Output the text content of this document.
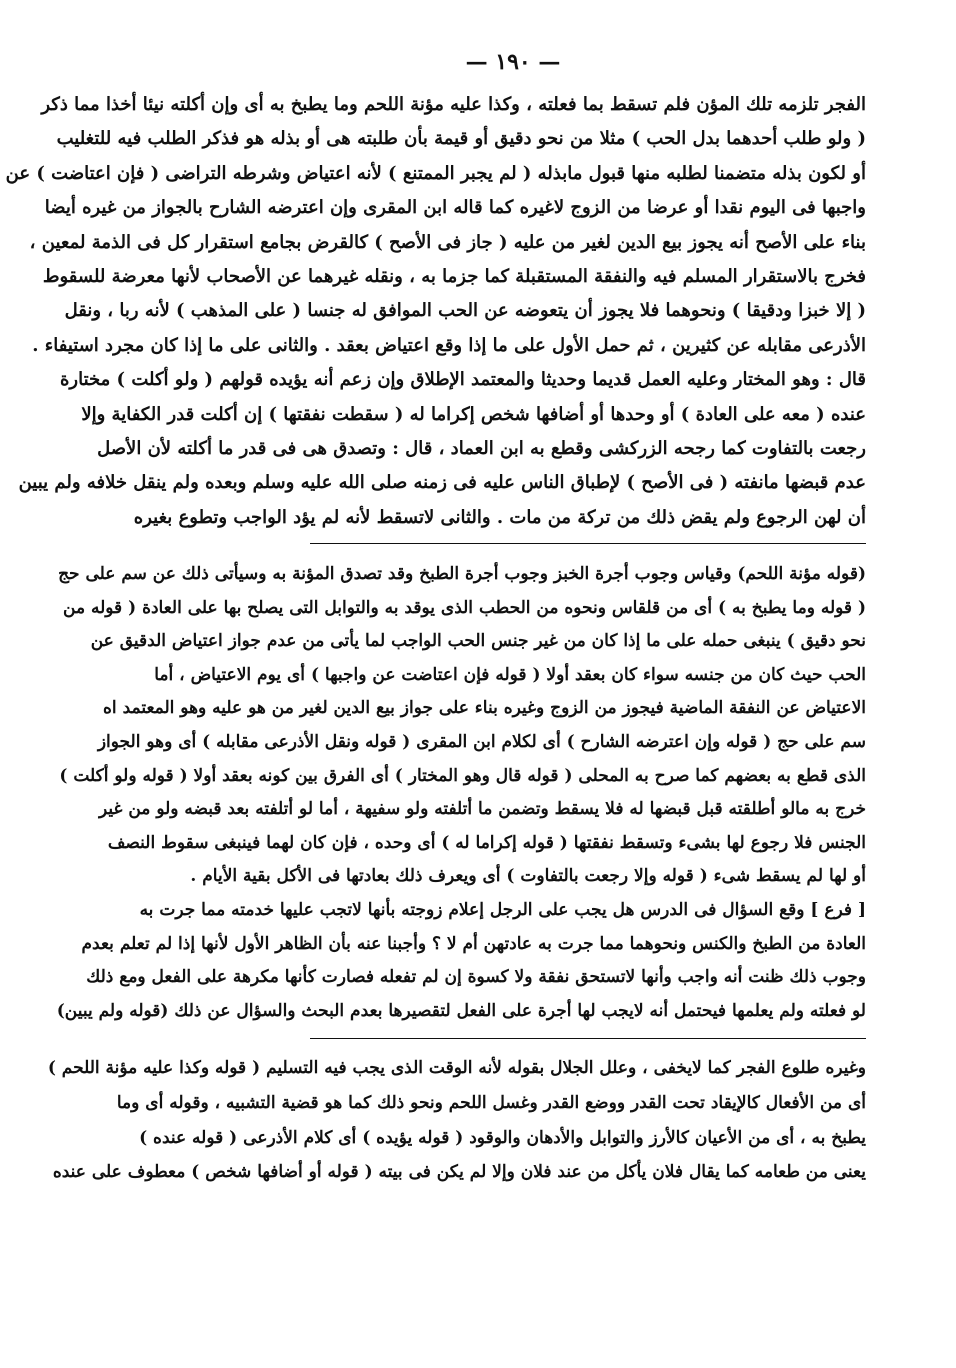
— ١٩٠ —

الفجر تلزمه تلك المؤن فلم تسقط بما فعلته ، وكذا عليه مؤنة اللحم وما يطبخ به أى وإن أكلته نيئا أخذا مما ذكر

( ولو طلب أحدهما بدل الحب ) مثلا من نحو دقيق أو قيمة بأن طلبته هى أو بذله هو فذكر الطلب فيه للتغليب

أو لكون بذله متضمنا لطلبه منها قبول مابذله ( لم يجبر الممتنع ) لأنه اعتياض وشرطه التراضى ( فإن اعتاضت ) عن

واجبها فى اليوم نقدا أو عرضا من الزوج لاغيره كما قاله ابن المقرى وإن اعترضه الشارح بالجواز من غيره أيضا

بناء على الأصح أنه يجوز بيع الدين لغير من عليه ( جاز فى الأصح ) كالقرض بجامع استقرار كل فى الذمة لمعين ،

فخرج بالاستقرار المسلم فيه والنفقة المستقبلة كما جزما به ، ونقله غيرهما عن الأصحاب لأنها معرضة للسقوط

( إلا خبزا ودقيقا ) ونحوهما فلا يجوز أن يتعوضه عن الحب الموافق له جنسا ( على المذهب ) لأنه ربا ، ونقل

الأذرعى مقابله عن كثيرين ، ثم حمل الأول على ما إذا وقع اعتياض بعقد . والثانى على ما إذا كان مجرد استيفاء .

قال : وهو المختار وعليه العمل قديما وحديثا والمعتمد الإطلاق وإن زعم أنه يؤيده قولهم ( ولو أكلت ) مختارة

عنده ( معه على العادة ) أو وحدها أو أضافها شخص إكراما له ( سقطت نفقتها ) إن أكلت قدر الكفاية وإلا

رجعت بالتفاوت كما رجحه الزركشى وقطع به ابن العماد ، قال : وتصدق هى فى قدر ما أكلته لأن الأصل

عدم قبضها مانفته ( فى الأصح ) لإطباق الناس عليه فى زمنه صلى الله عليه وسلم وبعده ولم ينقل خلافه ولم يبين

أن لهن الرجوع ولم يقض ذلك من تركة من مات . والثانى لاتسقط لأنه لم يؤد الواجب وتطوع بغيره

(قوله مؤنة اللحم) وقياس وجوب أجرة الخبز وجوب أجرة الطبخ وقد تصدق المؤنة به وسيأتى ذلك عن سم على حج

( قوله وما يطبخ به ) أى من قلقاس ونحوه من الحطب الذى يوقد به والتوابل التى يصلح بها على العادة ( قوله من

نحو دقيق ) ينبغى حمله على ما إذا كان من غير جنس الحب الواجب لما يأتى من عدم جواز اعتياض الدقيق عن

الحب حيث كان من جنسه سواء كان بعقد أولا ( قوله فإن اعتاضت عن واجبها ) أى يوم الاعتياض ، أما

الاعتياض عن النفقة الماضية فيجوز من الزوج وغيره بناء على جواز بيع الدين لغير من هو عليه وهو المعتمد اه

سم على حج ( قوله وإن اعترضه الشارح ) أى لكلام ابن المقرى ( قوله ونقل الأذرعى مقابله ) أى وهو الجواز

الذى قطع به بعضهم كما صرح به المحلى ( قوله قال وهو المختار ) أى الفرق بين كونه بعقد أولا ( قوله ولو أكلت )

خرج به مالو أطلقته قبل قبضها له فلا يسقط وتضمن ما أتلفته ولو سفيهة ، أما لو أتلفته بعد قبضه ولو من غير

الجنس فلا رجوع لها بشىء وتسقط نفقتها ( قوله إكراما له ) أى وحده ، فإن كان لهما فينبغى سقوط النصف

أو لها لم يسقط شىء ( قوله وإلا رجعت بالتفاوت ) أى ويعرف ذلك بعادتها فى الأكل بقية الأيام .

[ فرع ] وقع السؤال فى الدرس هل يجب على الرجل إعلام زوجته بأنها لاتجب عليها خدمته مما جرت به

العادة من الطبخ والكنس ونحوهما مما جرت به عادتهن أم لا ؟ وأجبنا عنه بأن الظاهر الأول لأنها إذا لم تعلم بعدم

وجوب ذلك ظنت أنه واجب وأنها لاتستحق نفقة ولا كسوة إن لم تفعله فصارت كأنها مكرهة على الفعل ومع ذلك

لو فعلته ولم يعلمها فيحتمل أنه لايجب لها أجرة على الفعل لتقصيرها بعدم البحث والسؤال عن ذلك (قوله ولم يبين)

وغيره طلوع الفجر كما لايخفى ، وعلل الجلال بقوله لأنه الوقت الذى يجب فيه التسليم ( قوله وكذا عليه مؤنة اللحم )

أى من الأفعال كالإيقاد تحت القدر ووضع القدر وغسل اللحم ونحو ذلك كما هو قضية التشبيه ، وقوله أى وما

يطبخ به ، أى من الأعيان كالأرز والتوابل والأدهان والوقود ( قوله يؤيده ) أى كلام الأذرعى ( قوله عنده )

يعنى من طعامه كما يقال فلان يأكل من عند فلان وإلا لم يكن فى بيته ( قوله أو أضافها شخص ) معطوف على عنده
